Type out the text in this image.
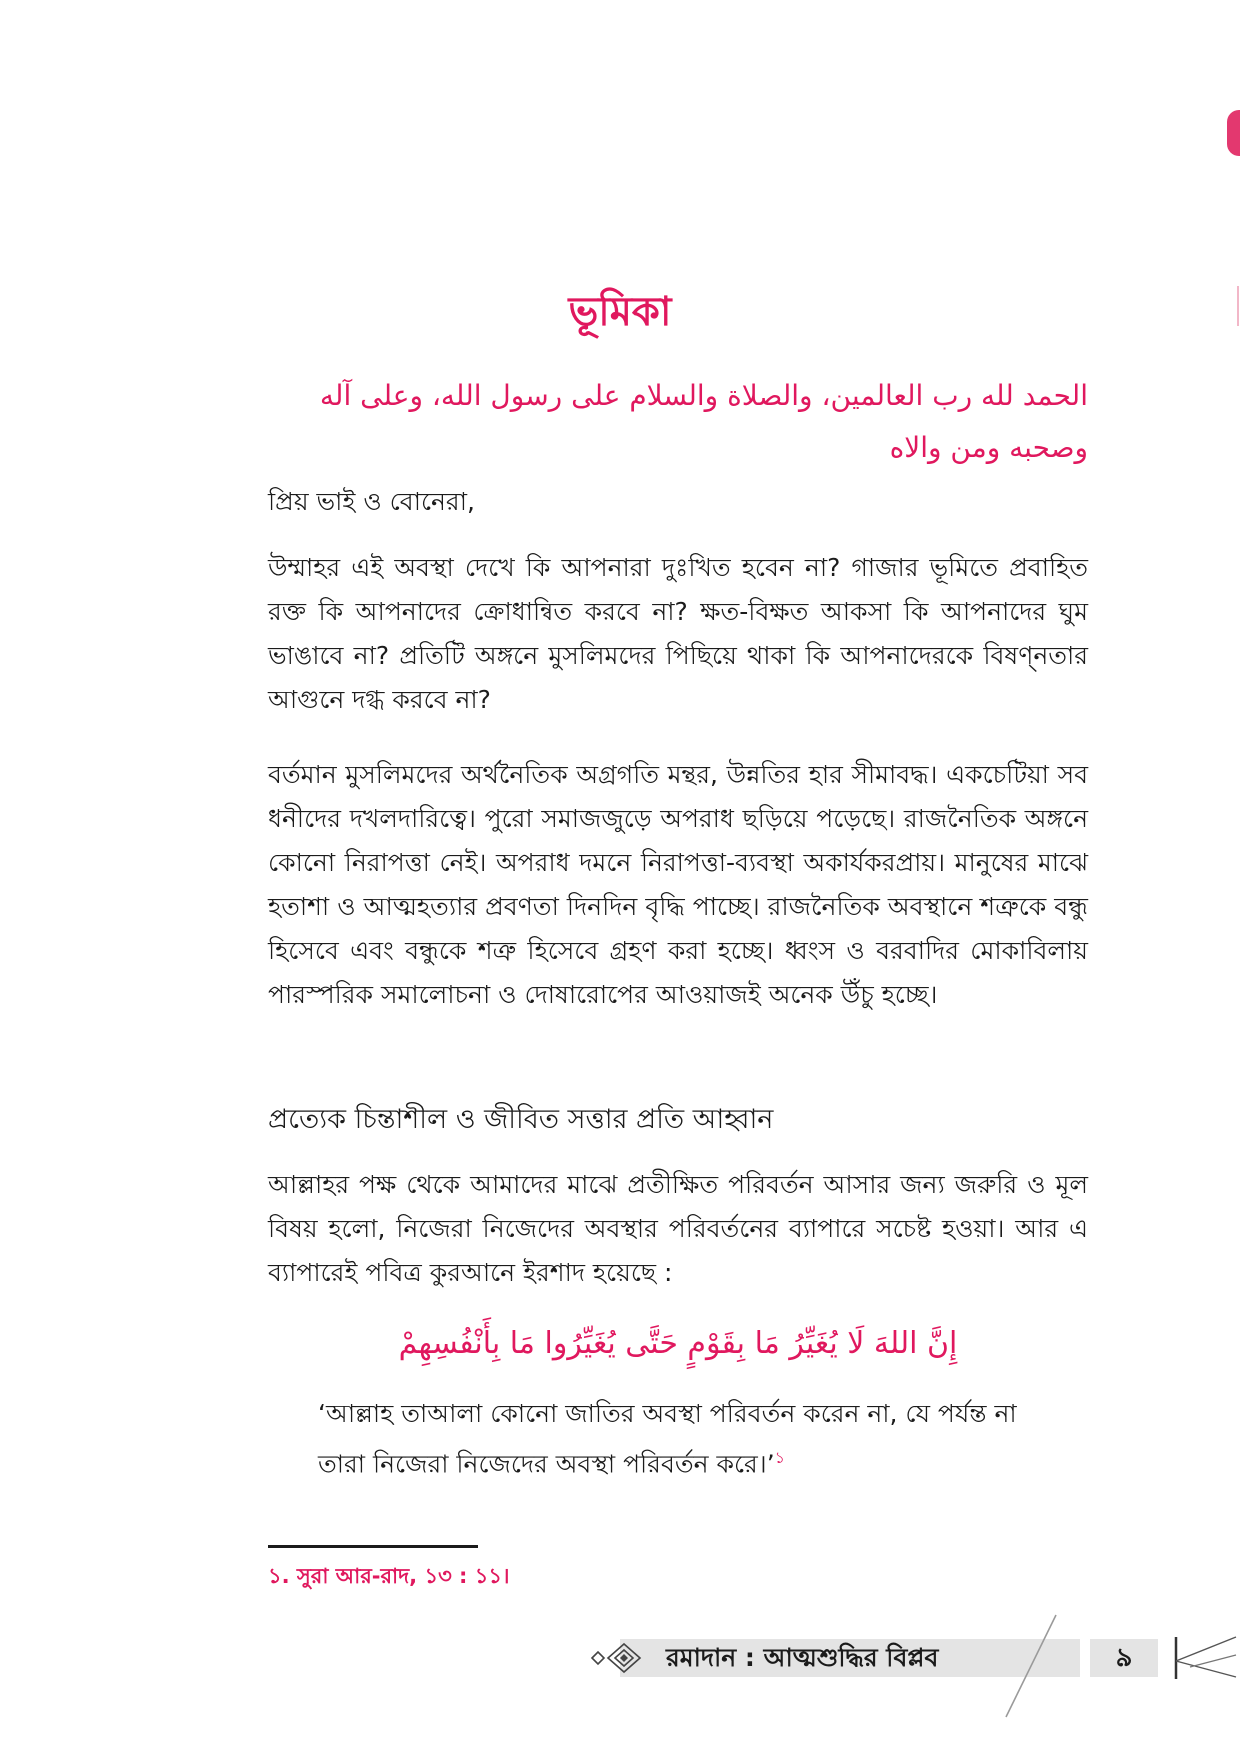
ভূমিকা
الحمد لله رب العالمين، والصلاة والسلام على رسول الله، وعلى آله وصحبه ومن والاه
প্রিয় ভাই ও বোনেরা,
উম্মাহর এই অবস্থা দেখে কি আপনারা দুঃখিত হবেন না? গাজার ভূমিতে প্রবাহিত রক্ত কি আপনাদের ক্রোধান্বিত করবে না? ক্ষত-বিক্ষত আকসা কি আপনাদের ঘুম ভাঙাবে না? প্রতিটি অঙ্গনে মুসলিমদের পিছিয়ে থাকা কি আপনাদেরকে বিষণ্নতার আগুনে দগ্ধ করবে না?
বর্তমান মুসলিমদের অর্থনৈতিক অগ্রগতি মন্থর, উন্নতির হার সীমাবদ্ধ। একচেটিয়া সব ধনীদের দখলদারিত্বে। পুরো সমাজজুড়ে অপরাধ ছড়িয়ে পড়েছে। রাজনৈতিক অঙ্গনে কোনো নিরাপত্তা নেই। অপরাধ দমনে নিরাপত্তা-ব্যবস্থা অকার্যকরপ্রায়। মানুষের মাঝে হতাশা ও আত্মহত্যার প্রবণতা দিনদিন বৃদ্ধি পাচ্ছে। রাজনৈতিক অবস্থানে শত্রুকে বন্ধু হিসেবে এবং বন্ধুকে শত্রু হিসেবে গ্রহণ করা হচ্ছে। ধ্বংস ও বরবাদির মোকাবিলায় পারস্পরিক সমালোচনা ও দোষারোপের আওয়াজই অনেক উঁচু হচ্ছে।
প্রত্যেক চিন্তাশীল ও জীবিত সত্তার প্রতি আহ্বান
আল্লাহর পক্ষ থেকে আমাদের মাঝে প্রতীক্ষিত পরিবর্তন আসার জন্য জরুরি ও মূল বিষয় হলো, নিজেরা নিজেদের অবস্থার পরিবর্তনের ব্যাপারে সচেষ্ট হওয়া। আর এ ব্যাপারেই পবিত্র কুরআনে ইরশাদ হয়েছে :
إِنَّ اللهَ لَا يُغَيِّرُ مَا بِقَوْمٍ حَتَّى يُغَيِّرُوا مَا بِأَنْفُسِهِمْ
‘আল্লাহ তাআলা কোনো জাতির অবস্থা পরিবর্তন করেন না, যে পর্যন্ত না তারা নিজেরা নিজেদের অবস্থা পরিবর্তন করে।’$^১$
১. সুরা আর-রাদ, ১৩ : ১১।
রমাদান : আত্মশুদ্ধির বিপ্লব	৯
